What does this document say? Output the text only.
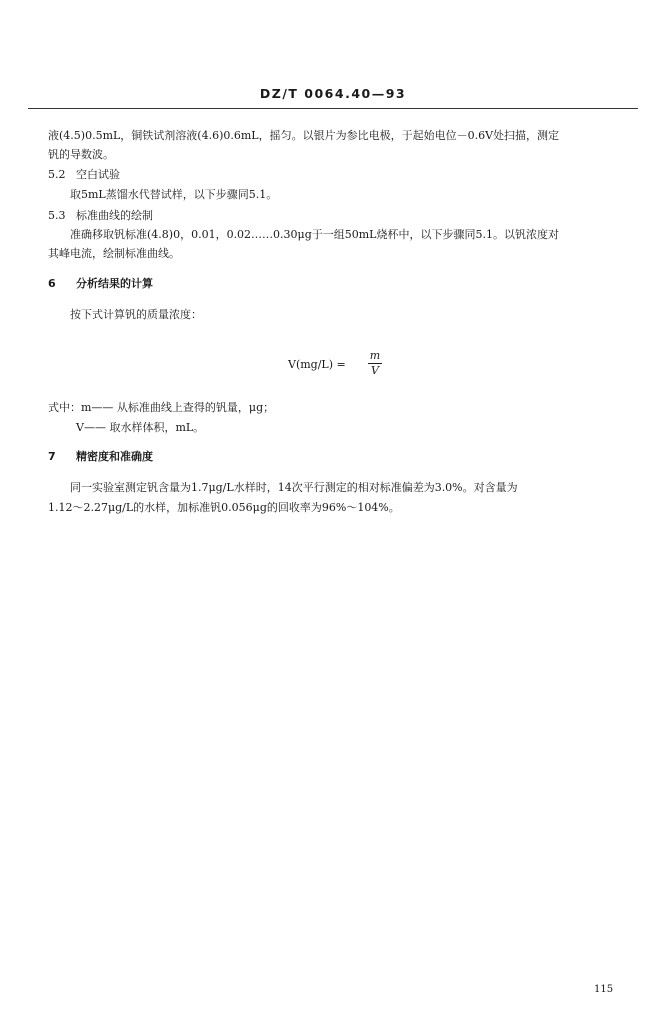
DZ/T 0064.40—93
液(4.5)0.5mL，铜铁试剂溶液(4.6)0.6mL，摇匀。以银片为参比电极，于起始电位－0.6V处扫描，测定
钒的导数波。
5.2 空白试验
取5mL蒸馏水代替试样，以下步骤同5.1。
5.3 标准曲线的绘制
准确移取钒标准(4.8)0，0.01，0.02……0.30μg于一组50mL烧杯中，以下步骤同5.1。以钒浓度对
其峰电流，绘制标准曲线。
6 分析结果的计算
按下式计算钒的质量浓度：
V(mg/L) =
m
V
式中：m—— 从标准曲线上查得的钒量，μg；
V—— 取水样体积，mL。
7 精密度和准确度
同一实验室测定钒含量为1.7μg/L水样时，14次平行测定的相对标准偏差为3.0%。对含量为
1.12～2.27μg/L的水样，加标准钒0.056μg的回收率为96%～104%。
115
